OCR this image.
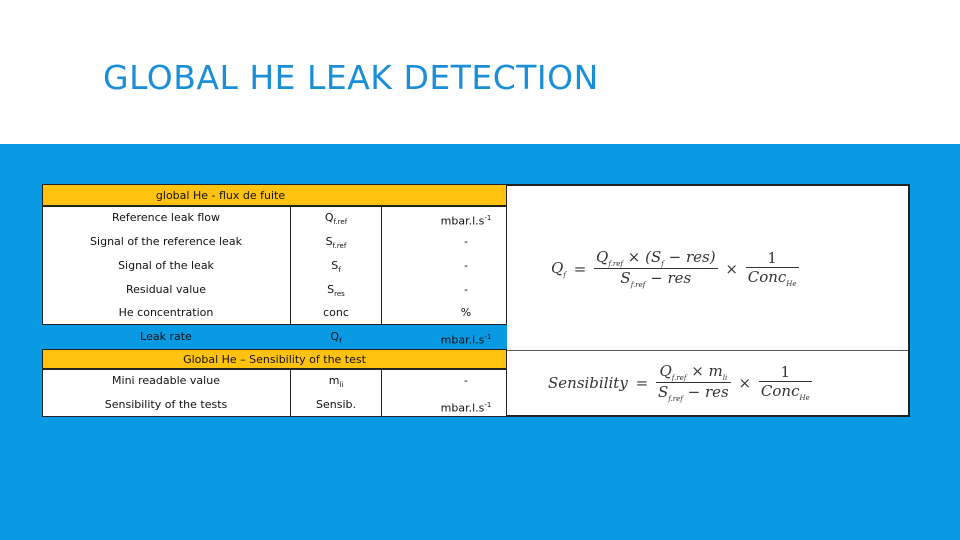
GLOBAL HE LEAK DETECTION
global He - flux de fuite
Reference leak flow	$Q_{f.ref}$	$mbar.l.s^{-1}$
Signal of the reference leak	$S_{f.ref}$	-
Signal of the leak	$S_f$	-
Residual value	$S_{res}$	-
He concentration	conc	%
Leak rate	$Q_f$	$mbar.l.s^{-1}$
Global He – Sensibility of the test
Mini readable value	$m_{li}$	-
Sensibility of the tests	Sensib.	$mbar.l.s^{-1}$
$Q_f = \frac{Q_{f.ref} \times (S_f - res)}{S_{f.ref} - res} \times \frac{1}{Conc_{He}}$
Sensibility = $\frac{Q_{f.ref} \times m_{li}}{S_{f.ref} - res} \times \frac{1}{Conc_{He}}$
